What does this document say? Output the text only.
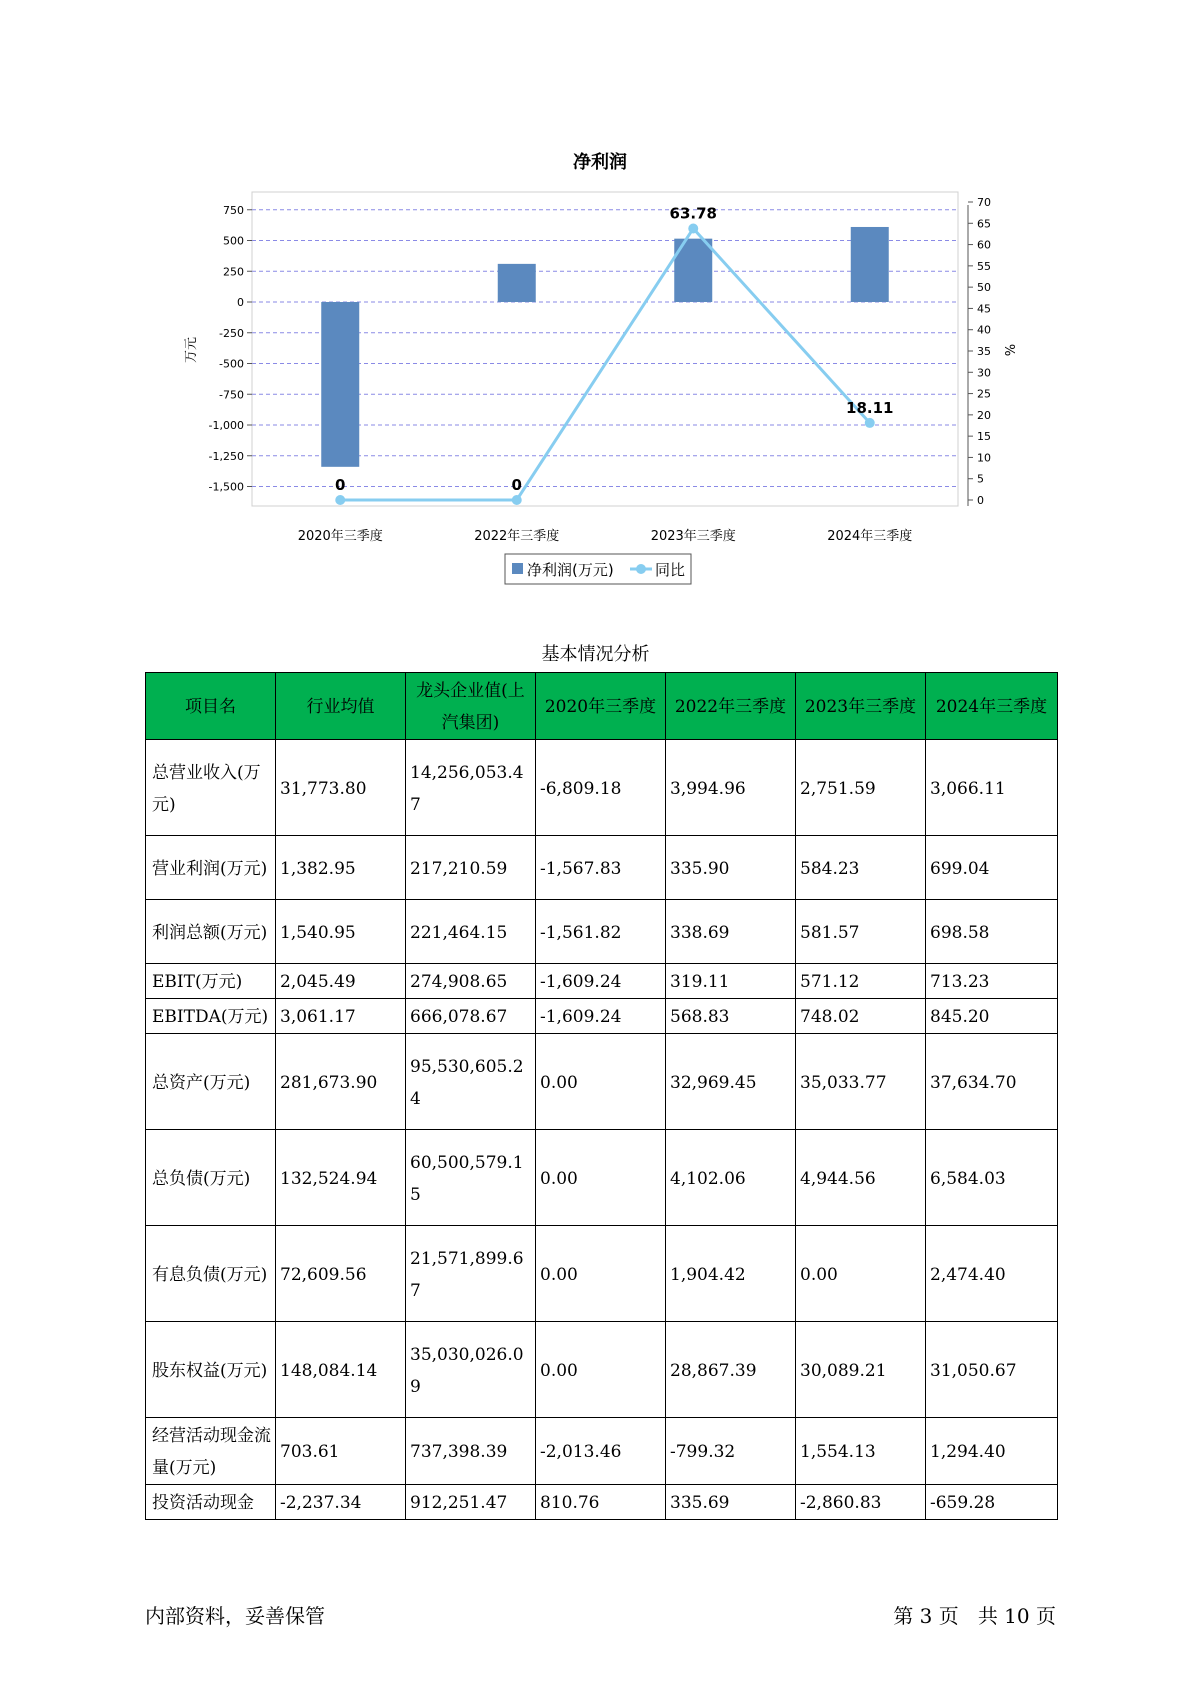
净利润
750
500
250
0
-250
-500
-750
-1,000
-1,250
-1,500
70
65
60
55
50
45
40
35
30
25
20
15
10
5
0
0	0
63.78
18.11
2020年三季度	2022年三季度	2023年三季度	2024年三季度
万元	%
净利润(万元)	同比
基本情况分析
项目名	行业均值	龙头企业值(上汽集团)	2020年三季度	2022年三季度	2023年三季度	2024年三季度
总营业收入(万元)	31,773.80	14,256,053.47	-6,809.18	3,994.96	2,751.59	3,066.11
营业利润(万元)	1,382.95	217,210.59	-1,567.83	335.90	584.23	699.04
利润总额(万元)	1,540.95	221,464.15	-1,561.82	338.69	581.57	698.58
EBIT(万元)	2,045.49	274,908.65	-1,609.24	319.11	571.12	713.23
EBITDA(万元)	3,061.17	666,078.67	-1,609.24	568.83	748.02	845.20
总资产(万元)	281,673.90	95,530,605.24	0.00	32,969.45	35,033.77	37,634.70
总负债(万元)	132,524.94	60,500,579.15	0.00	4,102.06	4,944.56	6,584.03
有息负债(万元)	72,609.56	21,571,899.67	0.00	1,904.42	0.00	2,474.40
股东权益(万元)	148,084.14	35,030,026.09	0.00	28,867.39	30,089.21	31,050.67
经营活动现金流量(万元)	703.61	737,398.39	-2,013.46	-799.32	1,554.13	1,294.40
投资活动现金	-2,237.34	912,251.47	810.76	335.69	-2,860.83	-659.28
内部资料，妥善保管	第 3 页   共 10 页
